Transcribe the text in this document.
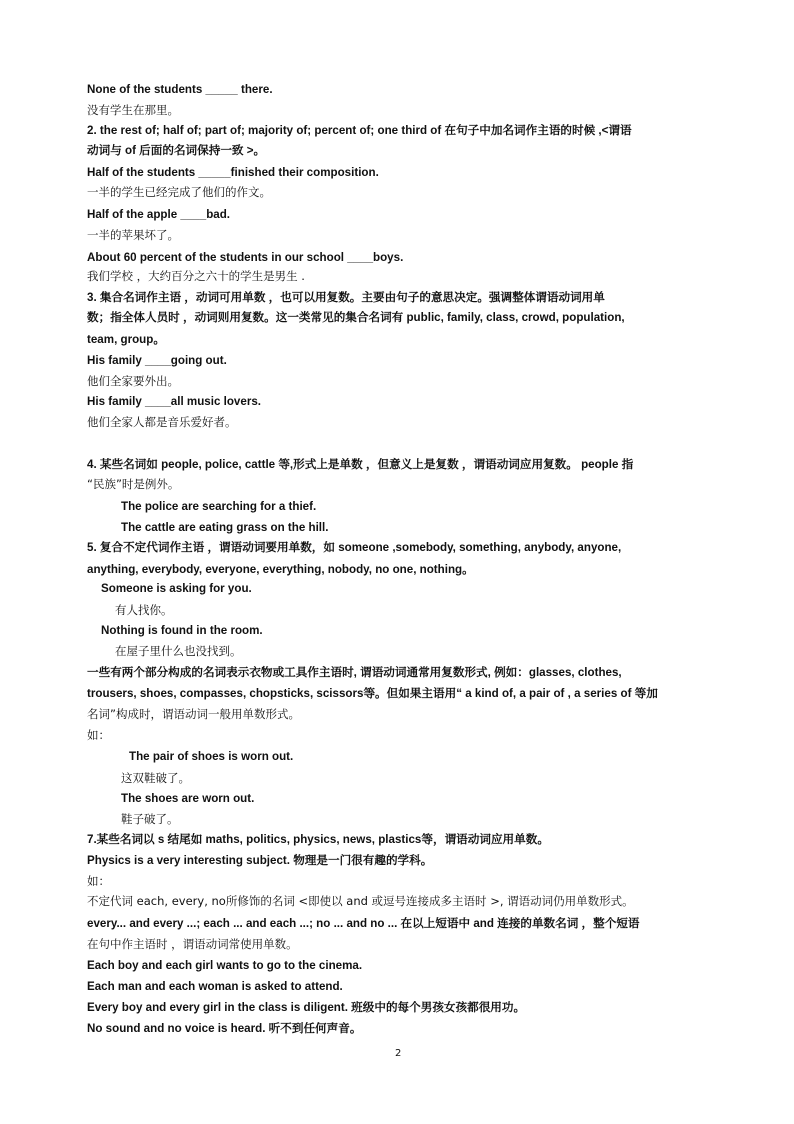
None of the students _____ there.
没有学生在那里。
2. the rest of; half of; part of; majority of; percent of; one third of 在句子中加名词作主语的时候 ,<谓语
动词与 of 后面的名词保持一致 >。
Half of the students _____finished their composition.
一半的学生已经完成了他们的作文。
Half of the apple ____bad.
一半的苹果坏了。
About 60 percent of the students in our school ____boys.
我们学校 ，大约百分之六十的学生是男生 .
3. 集合名词作主语 ，动词可用单数 ，也可以用复数。主要由句子的意思决定。强调整体谓语动词用单
数；指全体人员时 ，动词则用复数。这一类常见的集合名词有 public, family, class, crowd, population,
team, group。
His family ____going out.
他们全家要外出。
His family ____all music lovers.
他们全家人都是音乐爱好者。
4. 某些名词如 people, police, cattle 等,形式上是单数 ，但意义上是复数 ，谓语动词应用复数。 people 指
“民族”时是例外。
The police are searching for a thief.
The cattle are eating grass on the hill.
5. 复合不定代词作主语 ，谓语动词要用单数，如 someone ,somebody, something, anybody, anyone,
anything, everybody, everyone, everything, nobody, no one, nothing。
Someone is asking for you.
有人找你。
Nothing is found in the room.
在屋子里什么也没找到。
一些有两个部分构成的名词表示衣物或工具作主语时, 谓语动词通常用复数形式, 例如：glasses, clothes,
trousers, shoes, compasses, chopsticks, scissors等。但如果主语用“ a kind of, a pair of , a series of 等加
名词”构成时，谓语动词一般用单数形式。
如：
The pair of shoes is worn out.
这双鞋破了。
The shoes are worn out.
鞋子破了。
7.某些名词以 s 结尾如 maths, politics, physics, news, plastics等，谓语动词应用单数。
Physics is a very interesting subject. 物理是一门很有趣的学科。
如：
不定代词 each, every, no所修饰的名词 <即使以 and 或逗号连接成多主语时 >, 谓语动词仍用单数形式。
every... and every ...; each ... and each ...; no ... and no ... 在以上短语中 and 连接的单数名词 ，整个短语
在句中作主语时 ，谓语动词常使用单数。
Each boy and each girl wants to go to the cinema.
Each man and each woman is asked to attend.
Every boy and every girl in the class is diligent. 班级中的每个男孩女孩都很用功。
No sound and no voice is heard. 听不到任何声音。
2
